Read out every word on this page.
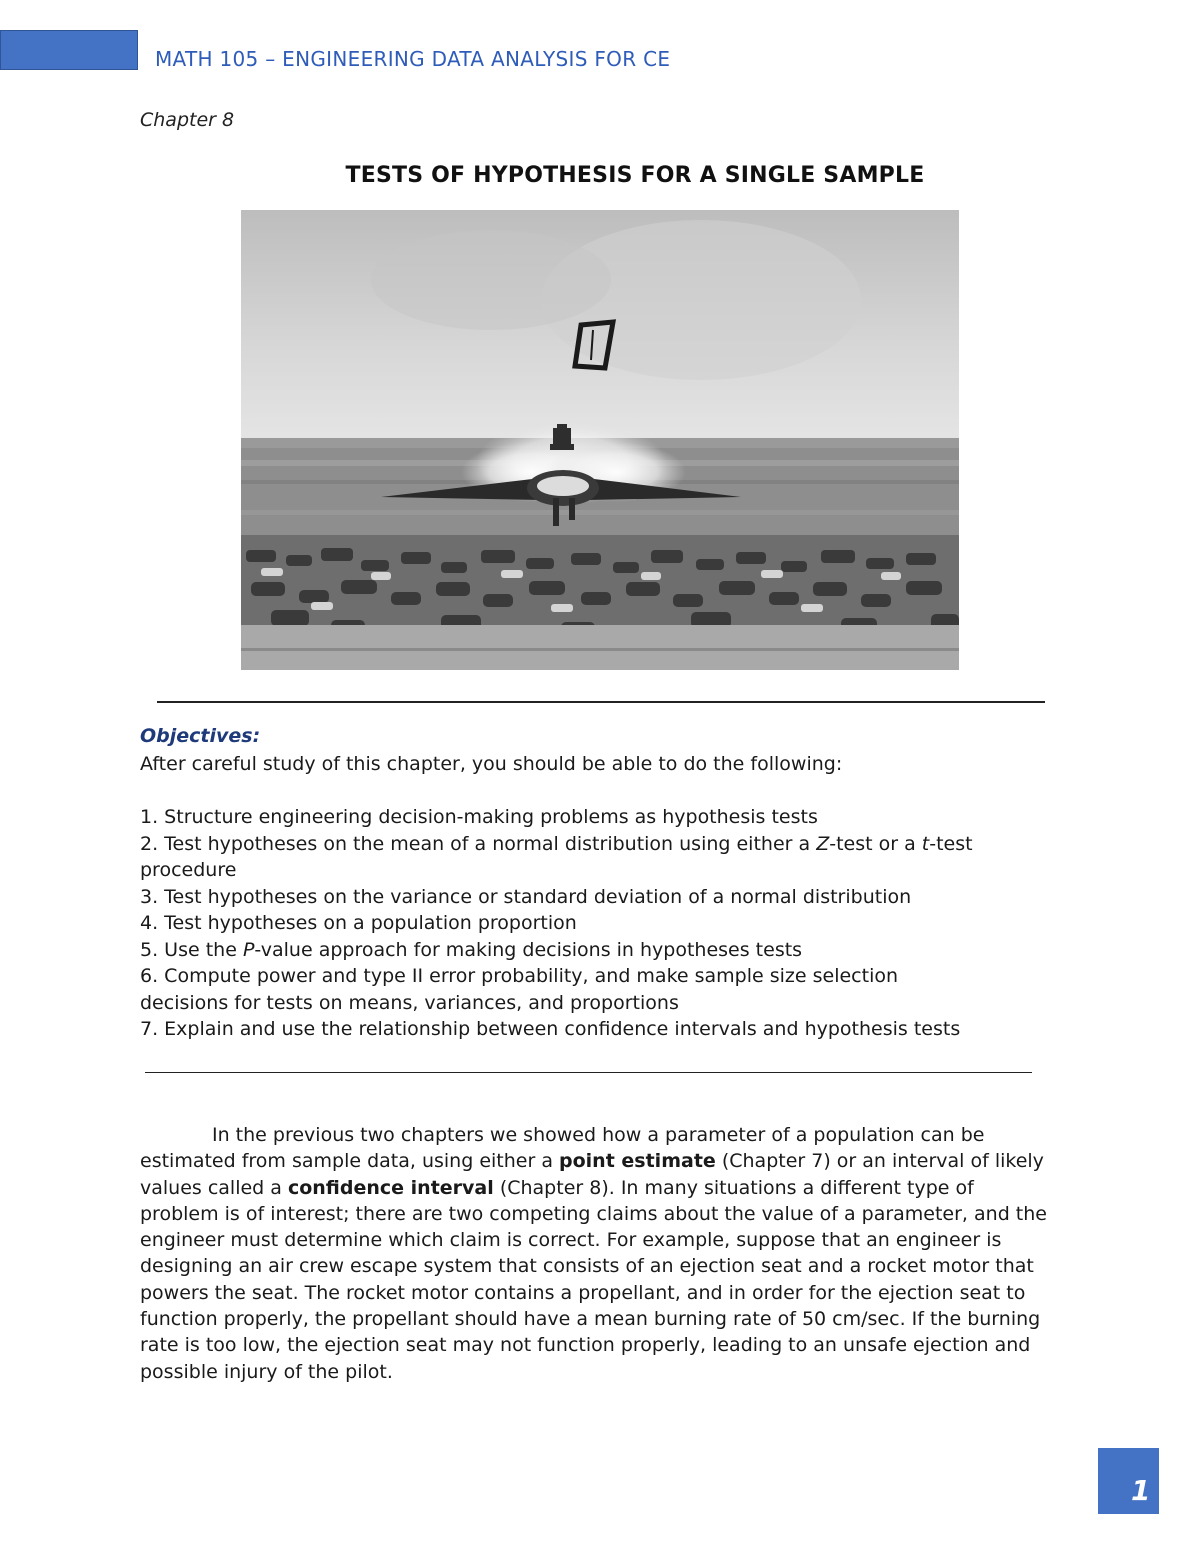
MATH 105 – ENGINEERING DATA ANALYSIS FOR CE
Chapter 8
TESTS OF HYPOTHESIS FOR A SINGLE SAMPLE
Objectives:
After careful study of this chapter, you should be able to do the following:
1. Structure engineering decision-making problems as hypothesis tests
2. Test hypotheses on the mean of a normal distribution using either a Z-test or a t-test
procedure
3. Test hypotheses on the variance or standard deviation of a normal distribution
4. Test hypotheses on a population proportion
5. Use the P-value approach for making decisions in hypotheses tests
6. Compute power and type II error probability, and make sample size selection
decisions for tests on means, variances, and proportions
7. Explain and use the relationship between confidence intervals and hypothesis tests
In the previous two chapters we showed how a parameter of a population can be estimated from sample data, using either a point estimate (Chapter 7) or an interval of likely values called a confidence interval (Chapter 8). In many situations a different type of problem is of interest; there are two competing claims about the value of a parameter, and the engineer must determine which claim is correct. For example, suppose that an engineer is designing an air crew escape system that consists of an ejection seat and a rocket motor that powers the seat. The rocket motor contains a propellant, and in order for the ejection seat to function properly, the propellant should have a mean burning rate of 50 cm/sec. If the burning rate is too low, the ejection seat may not function properly, leading to an unsafe ejection and possible injury of the pilot.
1
